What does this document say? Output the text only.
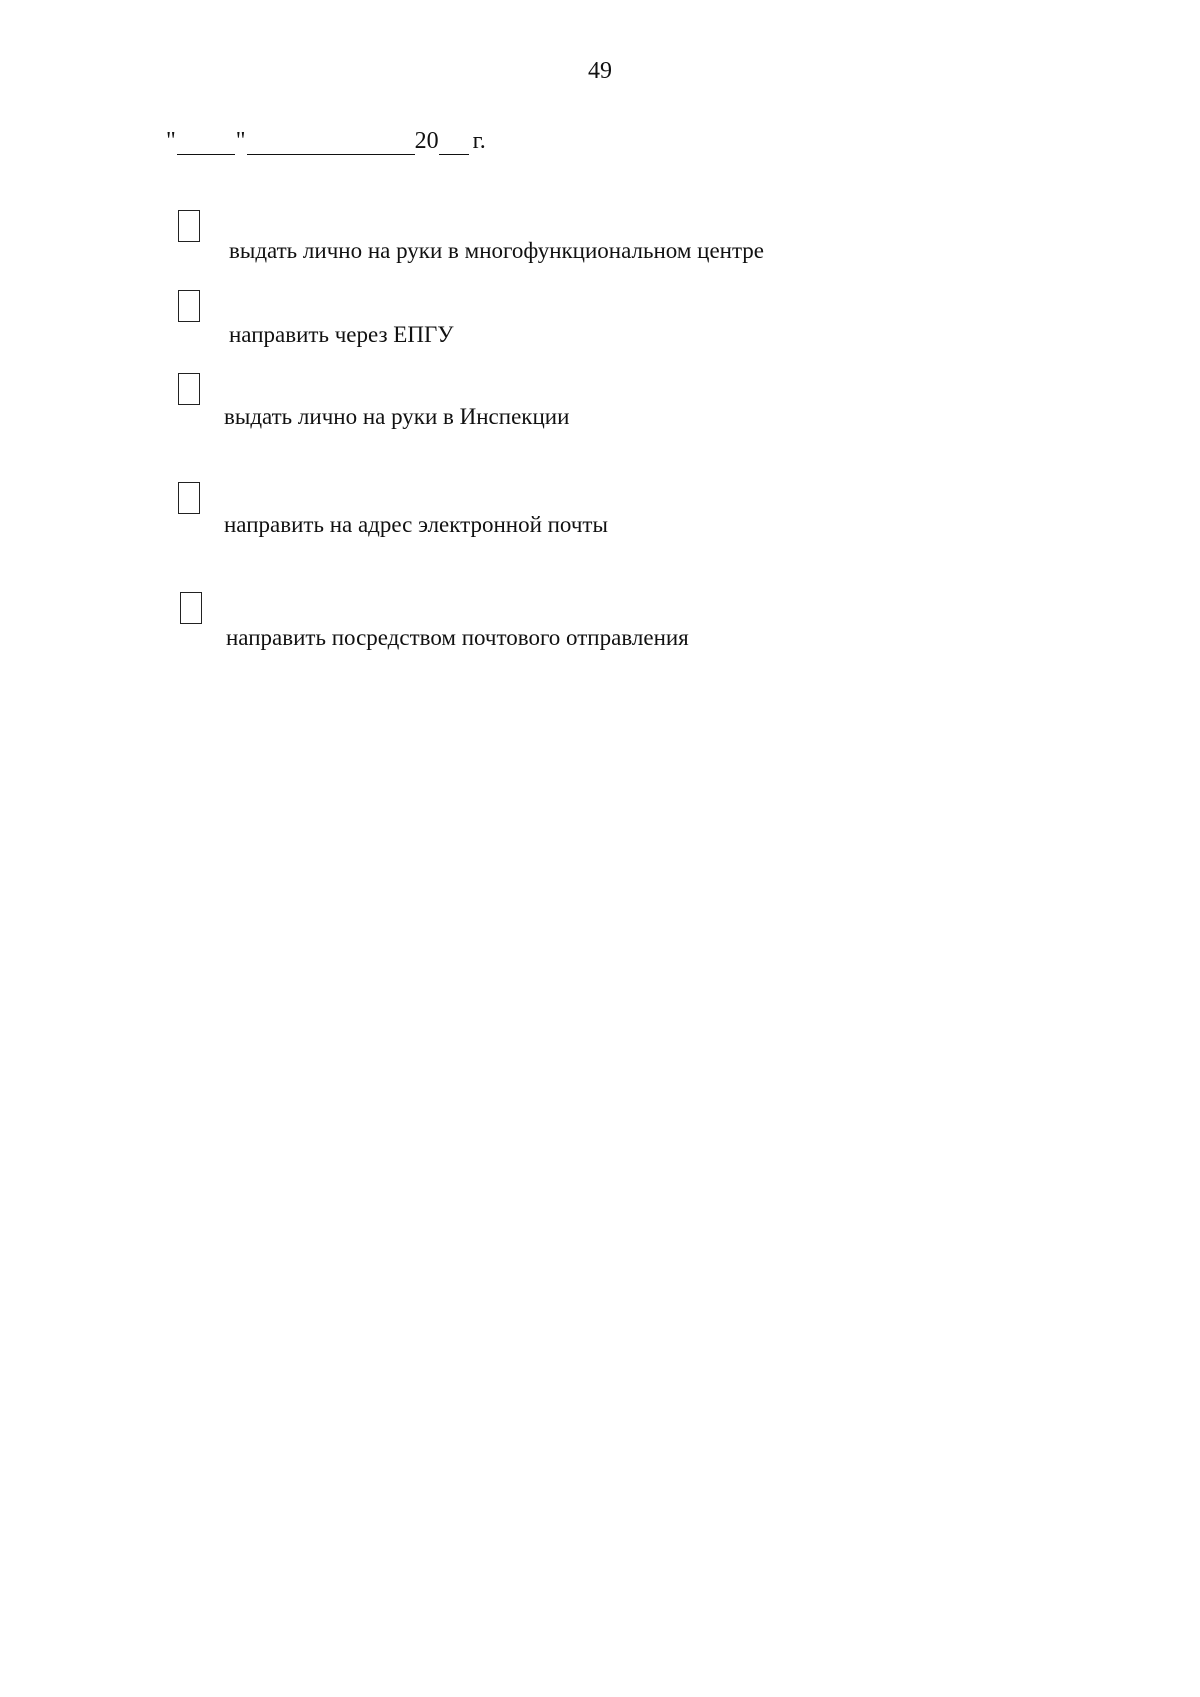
49
"	"	20 г.
выдать лично на руки в многофункциональном центре
направить через ЕПГУ
выдать лично на руки в Инспекции
направить на адрес электронной почты
направить посредством почтового отправления
